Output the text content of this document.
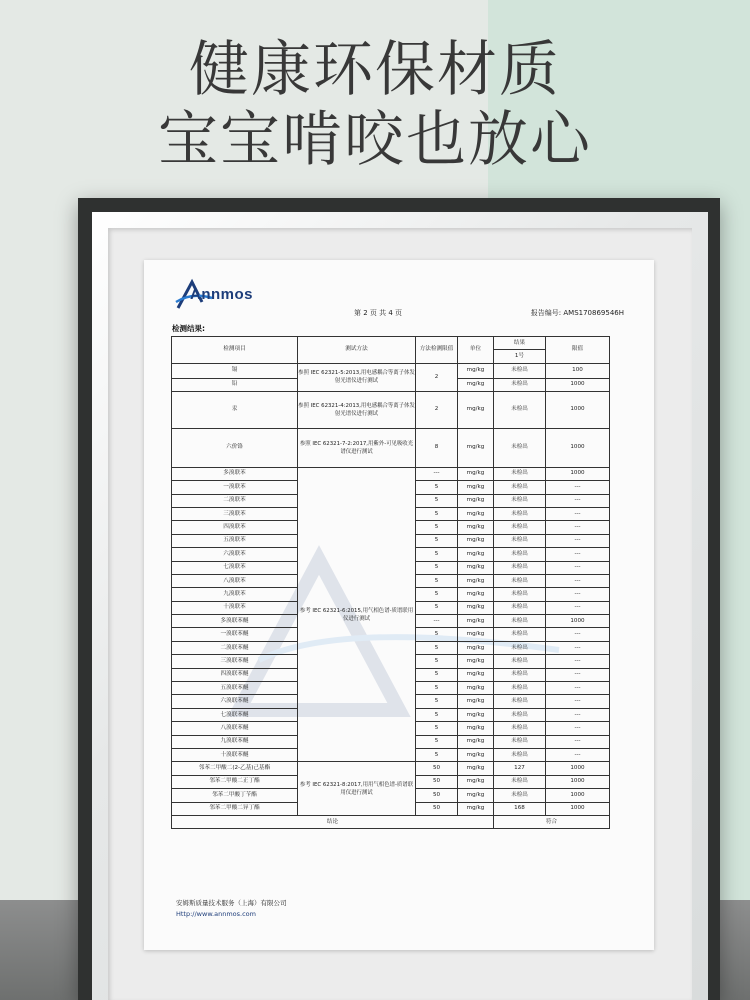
健康环保材质
宝宝啃咬也放心
Annmos
第 2 页 共 4 页	报告编号: AMS170869546H
检测结果:
检测项目	测试方法	方法检测限值	单位	结果	限值
				1号	
镉	参照 IEC 62321-5:2013,用电感耦合等离子体发射光谱仪进行测试	2	mg/kg	未检出	100
铅			mg/kg	未检出	1000
汞	参照 IEC 62321-4:2013,用电感耦合等离子体发射光谱仪进行测试	2	mg/kg	未检出	1000
六价铬	参照 IEC 62321-7-2:2017,用紫外-可见吸收光谱仪进行测试	8	mg/kg	未检出	1000
多溴联苯	参考 IEC 62321-6:2015,用气相色谱-质谱联用仪进行测试	---	mg/kg	未检出	1000
一溴联苯		5	mg/kg	未检出	---
二溴联苯		5	mg/kg	未检出	---
三溴联苯		5	mg/kg	未检出	---
四溴联苯		5	mg/kg	未检出	---
五溴联苯		5	mg/kg	未检出	---
六溴联苯		5	mg/kg	未检出	---
七溴联苯		5	mg/kg	未检出	---
八溴联苯		5	mg/kg	未检出	---
九溴联苯		5	mg/kg	未检出	---
十溴联苯		5	mg/kg	未检出	---
多溴联苯醚		---	mg/kg	未检出	1000
一溴联苯醚		5	mg/kg	未检出	---
二溴联苯醚		5	mg/kg	未检出	---
三溴联苯醚		5	mg/kg	未检出	---
四溴联苯醚		5	mg/kg	未检出	---
五溴联苯醚		5	mg/kg	未检出	---
六溴联苯醚		5	mg/kg	未检出	---
七溴联苯醚		5	mg/kg	未检出	---
八溴联苯醚		5	mg/kg	未检出	---
九溴联苯醚		5	mg/kg	未检出	---
十溴联苯醚		5	mg/kg	未检出	---
邻苯二甲酸二(2-乙基)己基酯	参考 IEC 62321-8:2017,用用气相色谱-质谱联用仪进行测试	50	mg/kg	127	1000
邻苯二甲酸二正丁酯		50	mg/kg	未检出	1000
邻苯二甲酸丁苄酯		50	mg/kg	未检出	1000
邻苯二甲酸二异丁酯		50	mg/kg	168	1000
结论				符合	
安姆斯质量技术服务（上海）有限公司
Http://www.annmos.com
